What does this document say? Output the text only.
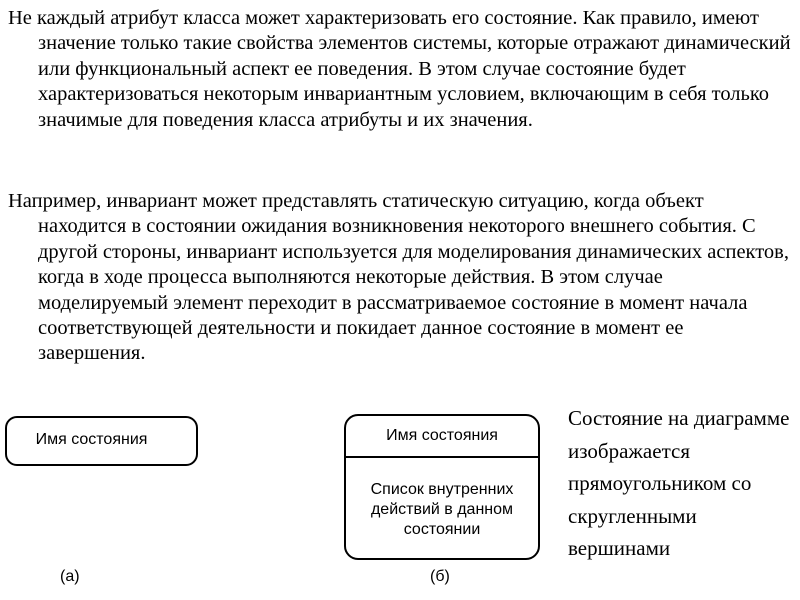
Не каждый атрибут класса может характеризовать его состояние. Как правило, имеют значение только такие свойства элементов системы, которые отражают динамический или функциональный аспект ее поведения. В этом случае состояние будет характеризоваться некоторым инвариантным условием, включающим в себя только значимые для поведения класса атрибуты и их значения.

Например, инвариант может представлять статическую ситуацию, когда объект находится в состоянии ожидания возникновения некоторого внешнего события. С другой стороны, инвариант используется для моделирования динамических аспектов, когда в ходе процесса выполняются некоторые действия. В этом случае моделируемый элемент переходит в рассматриваемое состояние в момент начала соответствующей деятельности и покидает данное состояние в момент ее завершения.

Имя состояния
(а)
Имя состояния
Список внутренних действий в данном состоянии
(б)

Состояние на диаграмме изображается прямоугольником со скругленными вершинами
